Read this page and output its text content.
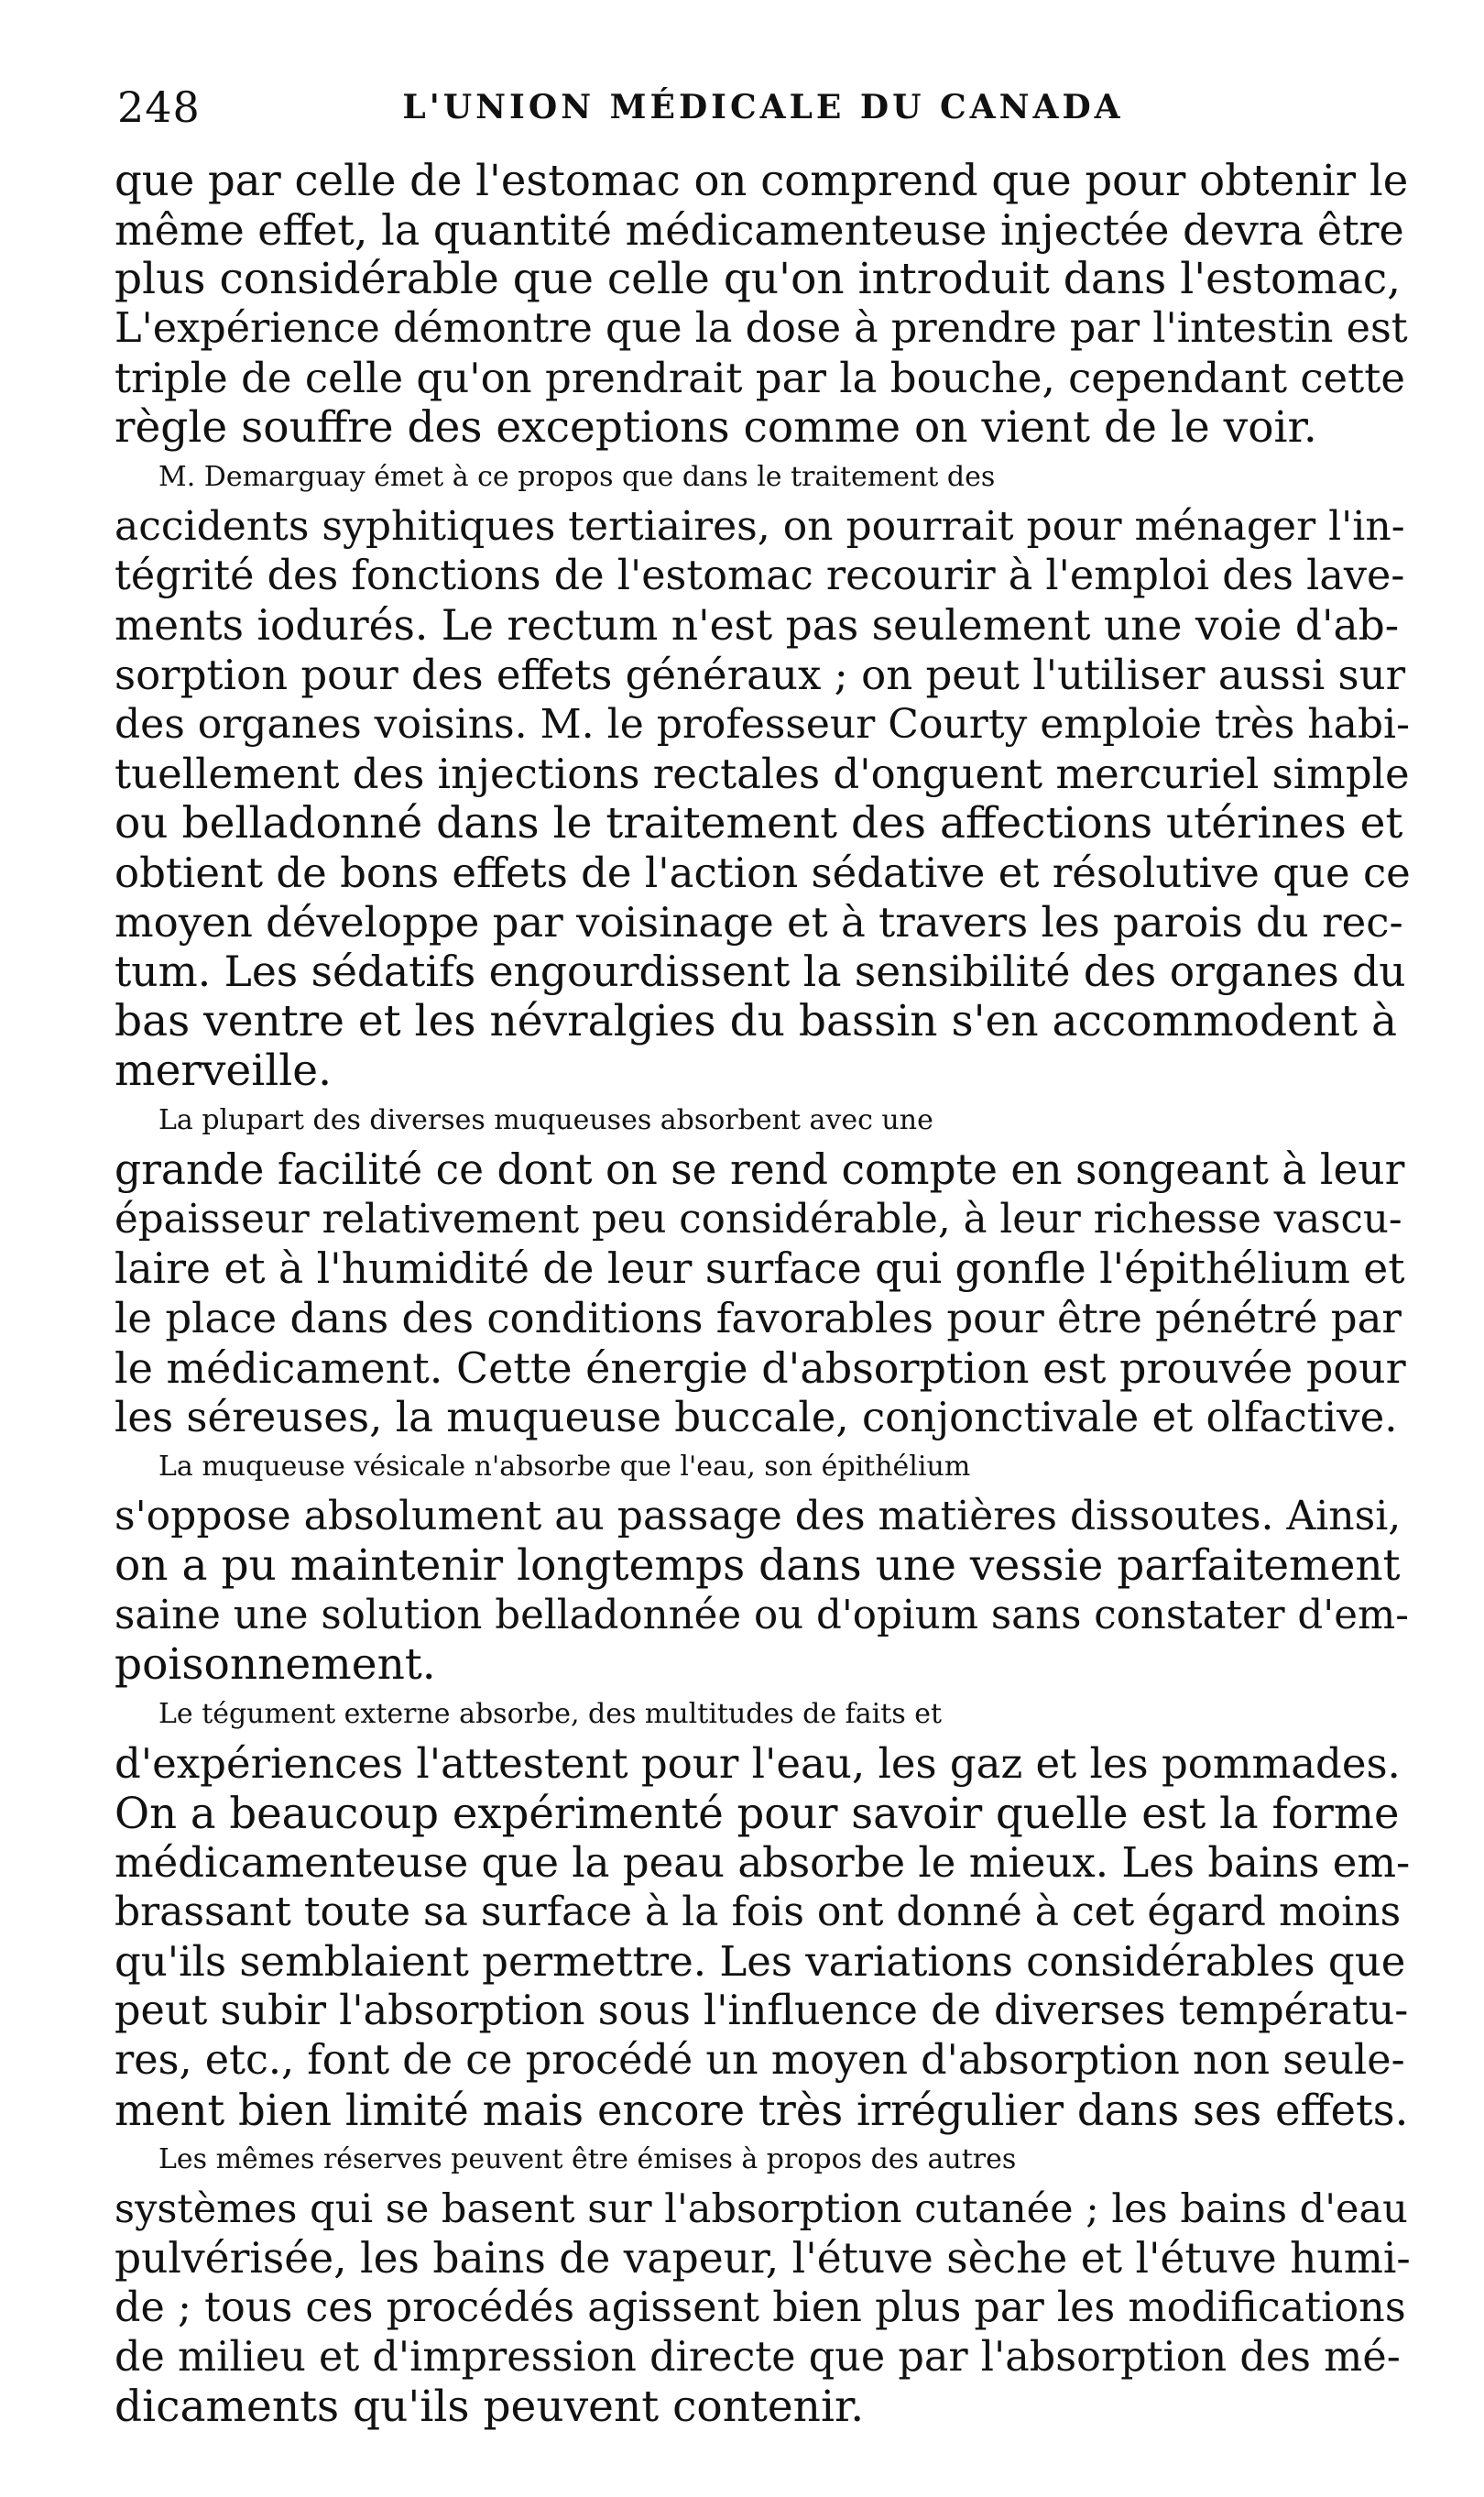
248	L'UNION MÉDICALE DU CANADA
que par celle de l'estomac on comprend que pour obtenir le
même effet, la quantité médicamenteuse injectée devra être
plus considérable que celle qu'on introduit dans l'estomac,
L'expérience démontre que la dose à prendre par l'intestin est
triple de celle qu'on prendrait par la bouche, cependant cette
règle souffre des exceptions comme on vient de le voir.
M. Demarguay émet à ce propos que dans le traitement des
accidents syphitiques tertiaires, on pourrait pour ménager l'in-
tégrité des fonctions de l'estomac recourir à l'emploi des lave-
ments iodurés. Le rectum n'est pas seulement une voie d'ab-
sorption pour des effets généraux ; on peut l'utiliser aussi sur
des organes voisins. M. le professeur Courty emploie très habi-
tuellement des injections rectales d'onguent mercuriel simple
ou belladonné dans le traitement des affections utérines et
obtient de bons effets de l'action sédative et résolutive que ce
moyen développe par voisinage et à travers les parois du rec-
tum. Les sédatifs engourdissent la sensibilité des organes du
bas ventre et les névralgies du bassin s'en accommodent à
merveille.
La plupart des diverses muqueuses absorbent avec une
grande facilité ce dont on se rend compte en songeant à leur
épaisseur relativement peu considérable, à leur richesse vascu-
laire et à l'humidité de leur surface qui gonfle l'épithélium et
le place dans des conditions favorables pour être pénétré par
le médicament. Cette énergie d'absorption est prouvée pour
les séreuses, la muqueuse buccale, conjonctivale et olfactive.
La muqueuse vésicale n'absorbe que l'eau, son épithélium
s'oppose absolument au passage des matières dissoutes. Ainsi,
on a pu maintenir longtemps dans une vessie parfaitement
saine une solution belladonnée ou d'opium sans constater d'em-
poisonnement.
Le tégument externe absorbe, des multitudes de faits et
d'expériences l'attestent pour l'eau, les gaz et les pommades.
On a beaucoup expérimenté pour savoir quelle est la forme
médicamenteuse que la peau absorbe le mieux. Les bains em-
brassant toute sa surface à la fois ont donné à cet égard moins
qu'ils semblaient permettre. Les variations considérables que
peut subir l'absorption sous l'influence de diverses températu-
res, etc., font de ce procédé un moyen d'absorption non seule-
ment bien limité mais encore très irrégulier dans ses effets.
Les mêmes réserves peuvent être émises à propos des autres
systèmes qui se basent sur l'absorption cutanée ; les bains d'eau
pulvérisée, les bains de vapeur, l'étuve sèche et l'étuve humi-
de ; tous ces procédés agissent bien plus par les modifications
de milieu et d'impression directe que par l'absorption des mé-
dicaments qu'ils peuvent contenir.
